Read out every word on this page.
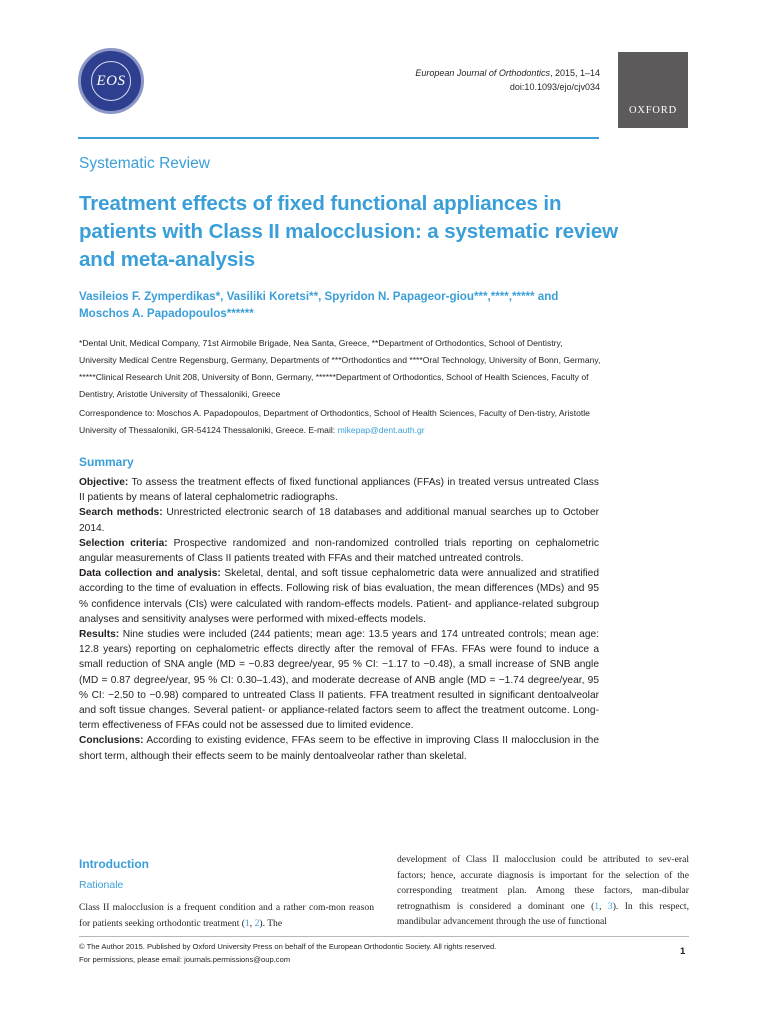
EOS	European Journal of Orthodontics, 2015, 1–14
doi:10.1093/ejo/cjv034
OXFORD
Systematic Review
Treatment effects of fixed functional appliances in patients with Class II malocclusion: a systematic review and meta-analysis
Vasileios F. Zymperdikas*, Vasiliki Koretsi**, Spyridon N. Papageor-giou***,****,***** and Moschos A. Papadopoulos******
*Dental Unit, Medical Company, 71st Airmobile Brigade, Nea Santa, Greece, **Department of Orthodontics, School of Dentistry, University Medical Centre Regensburg, Germany, Departments of ***Orthodontics and ****Oral Technology, University of Bonn, Germany, *****Clinical Research Unit 208, University of Bonn, Germany, ******Department of Orthodontics, School of Health Sciences, Faculty of Dentistry, Aristotle University of Thessaloniki, Greece
Correspondence to: Moschos A. Papadopoulos, Department of Orthodontics, School of Health Sciences, Faculty of Den-tistry, Aristotle University of Thessaloniki, GR-54124 Thessaloniki, Greece. E-mail: mikepap@dent.auth.gr
Summary

Objective: To assess the treatment effects of fixed functional appliances (FFAs) in treated versus untreated Class II patients by means of lateral cephalometric radiographs.

Search methods: Unrestricted electronic search of 18 databases and additional manual searches up to October 2014.

Selection criteria: Prospective randomized and non-randomized controlled trials reporting on cephalometric angular measurements of Class II patients treated with FFAs and their matched untreated controls.

Data collection and analysis: Skeletal, dental, and soft tissue cephalometric data were annualized and stratified according to the time of evaluation in effects. Following risk of bias evaluation, the mean differences (MDs) and 95 % confidence intervals (CIs) were calculated with random-effects models. Patient- and appliance-related subgroup analyses and sensitivity analyses were performed with mixed-effects models.

Results: Nine studies were included (244 patients; mean age: 13.5 years and 174 untreated controls; mean age: 12.8 years) reporting on cephalometric effects directly after the removal of FFAs. FFAs were found to induce a small reduction of SNA angle (MD = −0.83 degree/year, 95 % CI: −1.17 to −0.48), a small increase of SNB angle (MD = 0.87 degree/year, 95 % CI: 0.30–1.43), and moderate decrease of ANB angle (MD = −1.74 degree/year, 95 % CI: −2.50 to −0.98) compared to untreated Class II patients. FFA treatment resulted in significant dentoalveolar and soft tissue changes. Several patient- or appliance-related factors seem to affect the treatment outcome. Long-term effectiveness of FFAs could not be assessed due to limited evidence.

Conclusions: According to existing evidence, FFAs seem to be effective in improving Class II malocclusion in the short term, although their effects seem to be mainly dentoalveolar rather than skeletal.

Introduction
Rationale

Class II malocclusion is a frequent condition and a rather com-mon reason for patients seeking orthodontic treatment (1, 2). The

development of Class II malocclusion could be attributed to sev-eral factors; hence, accurate diagnosis is important for the selection of the corresponding treatment plan. Among these factors, man-dibular retrognathism is considered a dominant one (1, 3). In this respect, mandibular advancement through the use of functional

© The Author 2015. Published by Oxford University Press on behalf of the European Orthodontic Society. All rights reserved.
For permissions, please email: journals.permissions@oup.com
1
